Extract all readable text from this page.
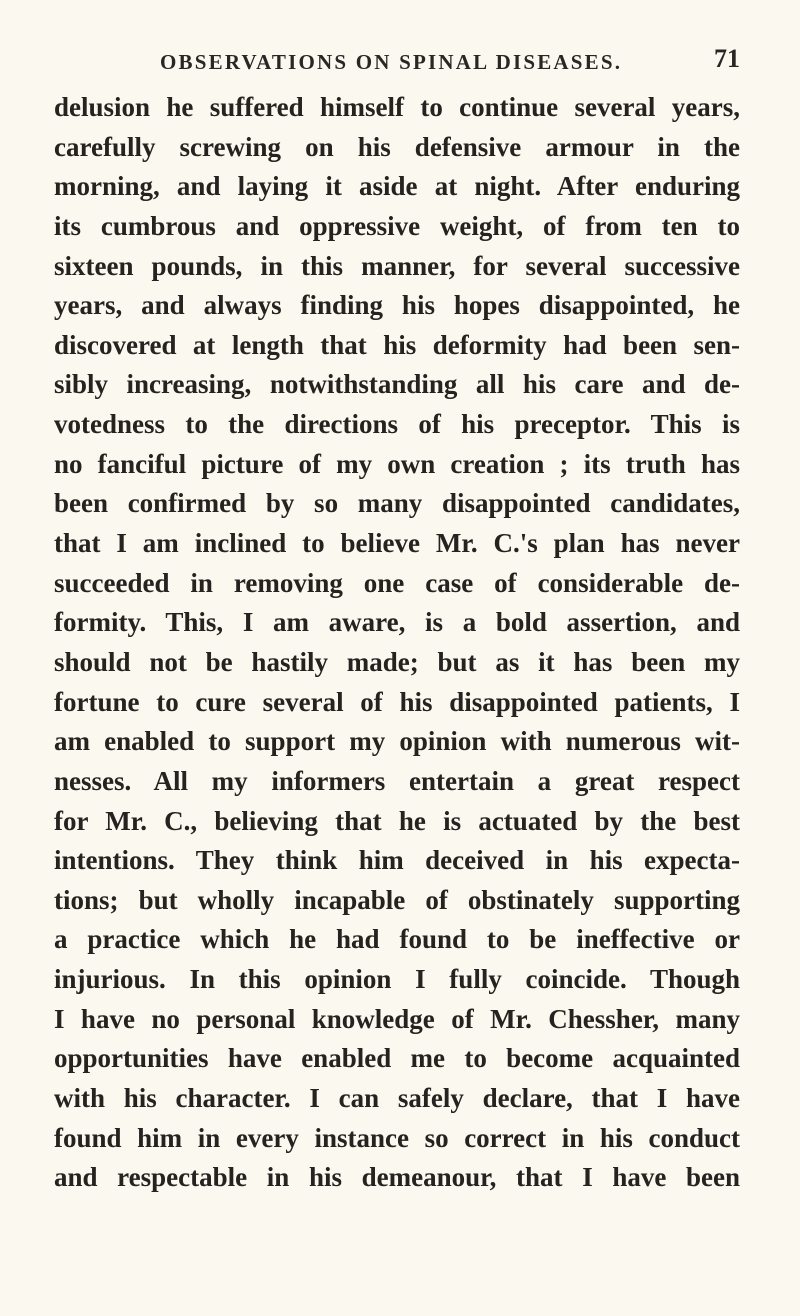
OBSERVATIONS ON SPINAL DISEASES.	71
delusion he suffered himself to continue several years,
carefully screwing on his defensive armour in the
morning, and laying it aside at night. After enduring
its cumbrous and oppressive weight, of from ten to
sixteen pounds, in this manner, for several successive
years, and always finding his hopes disappointed, he
discovered at length that his deformity had been sen-
sibly increasing, notwithstanding all his care and de-
votedness to the directions of his preceptor. This is
no fanciful picture of my own creation ; its truth has
been confirmed by so many disappointed candidates,
that I am inclined to believe Mr. C.'s plan has never
succeeded in removing one case of considerable de-
formity. This, I am aware, is a bold assertion, and
should not be hastily made; but as it has been my
fortune to cure several of his disappointed patients, I
am enabled to support my opinion with numerous wit-
nesses. All my informers entertain a great respect
for Mr. C., believing that he is actuated by the best
intentions. They think him deceived in his expecta-
tions; but wholly incapable of obstinately supporting
a practice which he had found to be ineffective or
injurious. In this opinion I fully coincide. Though
I have no personal knowledge of Mr. Chessher, many
opportunities have enabled me to become acquainted
with his character. I can safely declare, that I have
found him in every instance so correct in his conduct
and respectable in his demeanour, that I have been
